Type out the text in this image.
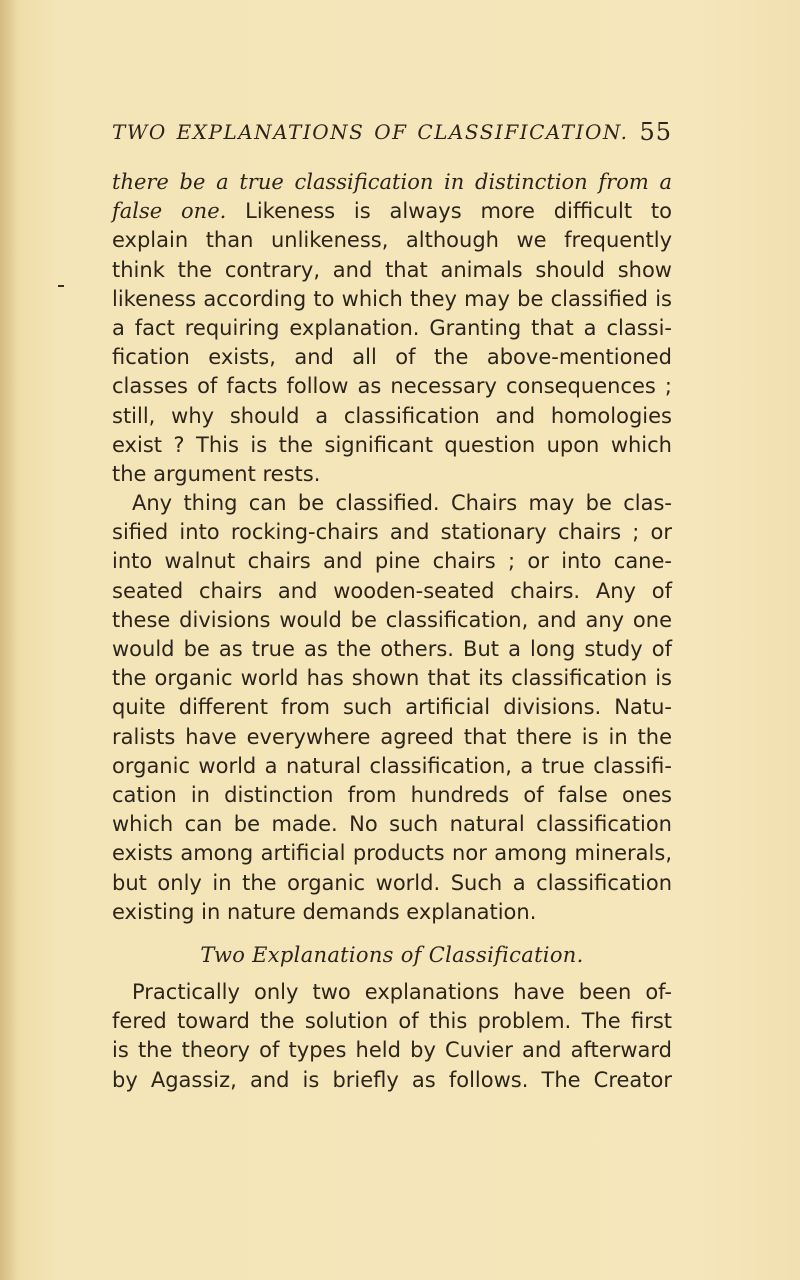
TWO EXPLANATIONS OF CLASSIFICATION. 55
there be a true classification in distinction from a
false one. Likeness is always more difficult to
explain than unlikeness, although we frequently
think the contrary, and that animals should show
likeness according to which they may be classified is
a fact requiring explanation. Granting that a classi-
fication exists, and all of the above-mentioned
classes of facts follow as necessary consequences ;
still, why should a classification and homologies
exist ? This is the significant question upon which
the argument rests.
Any thing can be classified. Chairs may be clas-
sified into rocking-chairs and stationary chairs ; or
into walnut chairs and pine chairs ; or into cane-
seated chairs and wooden-seated chairs. Any of
these divisions would be classification, and any one
would be as true as the others. But a long study of
the organic world has shown that its classification is
quite different from such artificial divisions. Natu-
ralists have everywhere agreed that there is in the
organic world a natural classification, a true classifi-
cation in distinction from hundreds of false ones
which can be made. No such natural classification
exists among artificial products nor among minerals,
but only in the organic world. Such a classification
existing in nature demands explanation.
Two Explanations of Classification.
Practically only two explanations have been of-
fered toward the solution of this problem. The first
is the theory of types held by Cuvier and afterward
by Agassiz, and is briefly as follows. The Creator
